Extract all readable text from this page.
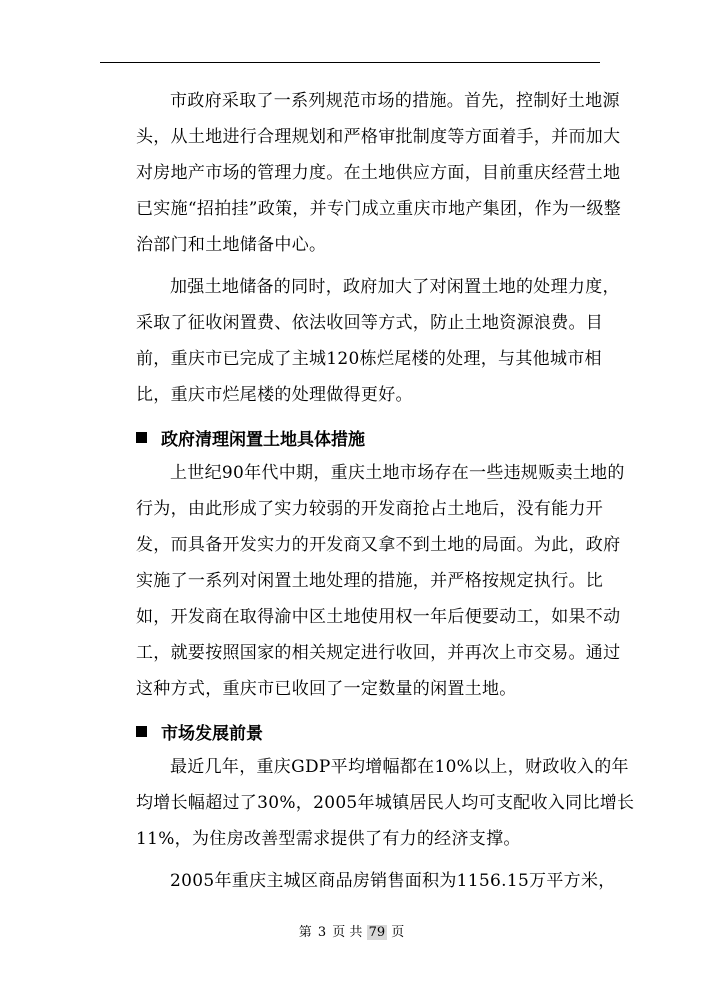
市政府采取了一系列规范市场的措施。首先，控制好土地源头，从土地进行合理规划和严格审批制度等方面着手，并而加大对房地产市场的管理力度。在土地供应方面，目前重庆经营土地已实施“招拍挂”政策，并专门成立重庆市地产集团，作为一级整治部门和土地储备中心。

加强土地储备的同时，政府加大了对闲置土地的处理力度，采取了征收闲置费、依法收回等方式，防止土地资源浪费。目前，重庆市已完成了主城120栋烂尾楼的处理，与其他城市相比，重庆市烂尾楼的处理做得更好。

政府清理闲置土地具体措施

上世纪90年代中期，重庆土地市场存在一些违规贩卖土地的行为，由此形成了实力较弱的开发商抢占土地后，没有能力开发，而具备开发实力的开发商又拿不到土地的局面。为此，政府实施了一系列对闲置土地处理的措施，并严格按规定执行。比如，开发商在取得渝中区土地使用权一年后便要动工，如果不动工，就要按照国家的相关规定进行收回，并再次上市交易。通过这种方式，重庆市已收回了一定数量的闲置土地。

市场发展前景

最近几年，重庆GDP平均增幅都在10%以上，财政收入的年均增长幅超过了30%，2005年城镇居民人均可支配收入同比增长11%，为住房改善型需求提供了有力的经济支撑。

2005年重庆主城区商品房销售面积为1156.15万平方米，

第 3 页 共 79 页
